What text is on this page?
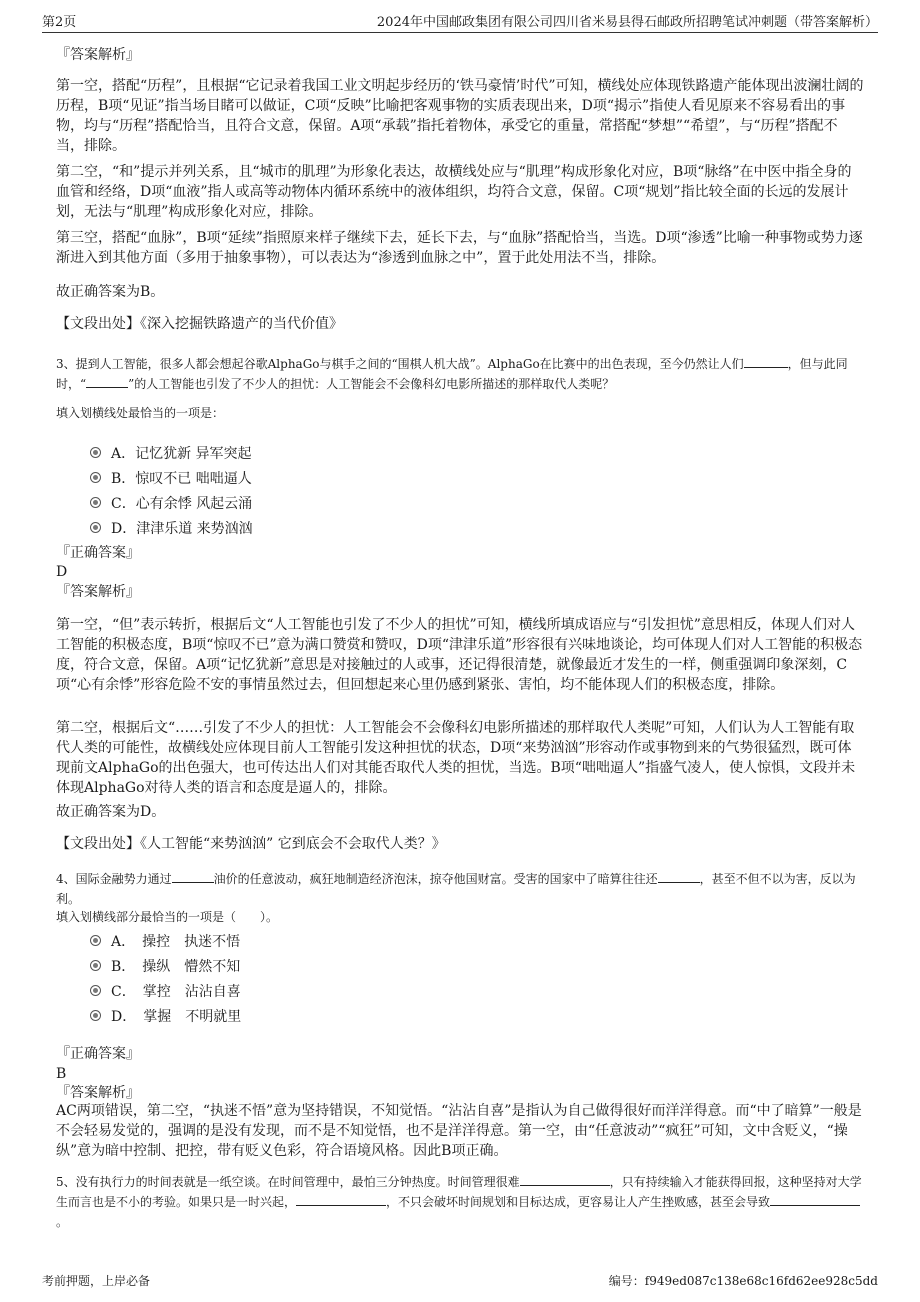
第2页	2024年中国邮政集团有限公司四川省米易县得石邮政所招聘笔试冲刺题（带答案解析）
『答案解析』
第一空，搭配“历程”，且根据“它记录着我国工业文明起步经历的‘铁马豪情’时代”可知，横线处应体现铁路遗产能体现出波澜壮阔的历程，B项“见证”指当场目睹可以做证，C项“反映”比喻把客观事物的实质表现出来，D项“揭示”指使人看见原来不容易看出的事物，均与“历程”搭配恰当，且符合文意，保留。A项“承载”指托着物体，承受它的重量，常搭配“梦想”“希望”，与“历程”搭配不当，排除。
第二空，“和”提示并列关系，且“城市的肌理”为形象化表达，故横线处应与“肌理”构成形象化对应，B项“脉络”在中医中指全身的血管和经络，D项“血液”指人或高等动物体内循环系统中的液体组织，均符合文意，保留。C项“规划”指比较全面的长远的发展计划，无法与“肌理”构成形象化对应，排除。
第三空，搭配“血脉”，B项“延续”指照原来样子继续下去，延长下去，与“血脉”搭配恰当，当选。D项“渗透”比喻一种事物或势力逐渐进入到其他方面（多用于抽象事物），可以表达为“渗透到血脉之中”，置于此处用法不当，排除。
故正确答案为B。
【文段出处】《深入挖掘铁路遗产的当代价值》
3、提到人工智能，很多人都会想起谷歌AlphaGo与棋手之间的“围棋人机大战”。AlphaGo在比赛中的出色表现，至今仍然让人们	，但与此同时，“	”的人工智能也引发了不少人的担忧：人工智能会不会像科幻电影所描述的那样取代人类呢？
填入划横线处最恰当的一项是：
A．记忆犹新 异军突起
B．惊叹不已 咄咄逼人
C．心有余悸 风起云涌
D．津津乐道 来势汹汹
『正确答案』
D
『答案解析』
第一空，“但”表示转折，根据后文“人工智能也引发了不少人的担忧”可知，横线所填成语应与“引发担忧”意思相反，体现人们对人工智能的积极态度，B项“惊叹不已”意为满口赞赏和赞叹，D项“津津乐道”形容很有兴味地谈论，均可体现人们对人工智能的积极态度，符合文意，保留。A项“记忆犹新”意思是对接触过的人或事，还记得很清楚，就像最近才发生的一样，侧重强调印象深刻，C项“心有余悸”形容危险不安的事情虽然过去，但回想起来心里仍感到紧张、害怕，均不能体现人们的积极态度，排除。
第二空，根据后文“……引发了不少人的担忧：人工智能会不会像科幻电影所描述的那样取代人类呢”可知，人们认为人工智能有取代人类的可能性，故横线处应体现目前人工智能引发这种担忧的状态，D项“来势汹汹”形容动作或事物到来的气势很猛烈，既可体现前文AlphaGo的出色强大，也可传达出人们对其能否取代人类的担忧，当选。B项“咄咄逼人”指盛气凌人，使人惊惧，文段并未体现AlphaGo对待人类的语言和态度是逼人的，排除。
故正确答案为D。
【文段出处】《人工智能“来势汹汹” 它到底会不会取代人类？》
4、国际金融势力通过	油价的任意波动，疯狂地制造经济泡沫，掠夺他国财富。受害的国家中了暗算往往还	，甚至不但不以为害，反以为利。
填入划横线部分最恰当的一项是（　　）。
A．　操控　执迷不悟
B．　操纵　懵然不知
C．　掌控　沾沾自喜
D．　掌握　不明就里
『正确答案』
B
『答案解析』
AC两项错误，第二空，“执迷不悟”意为坚持错误，不知觉悟。“沾沾自喜”是指认为自己做得很好而洋洋得意。而“中了暗算”一般是不会轻易发觉的，强调的是没有发现，而不是不知觉悟，也不是洋洋得意。第一空，由“任意波动”“疯狂”可知，文中含贬义，“操纵”意为暗中控制、把控，带有贬义色彩，符合语境风格。因此B项正确。
5、没有执行力的时间表就是一纸空谈。在时间管理中，最怕三分钟热度。时间管理很难	，只有持续输入才能获得回报，这种坚持对大学生而言也是不小的考验。如果只是一时兴起，	，不只会破坏时间规划和目标达成，更容易让人产生挫败感，甚至会导致。
考前押题，上岸必备	编号：f949ed087c138e68c16fd62ee928c5dd
